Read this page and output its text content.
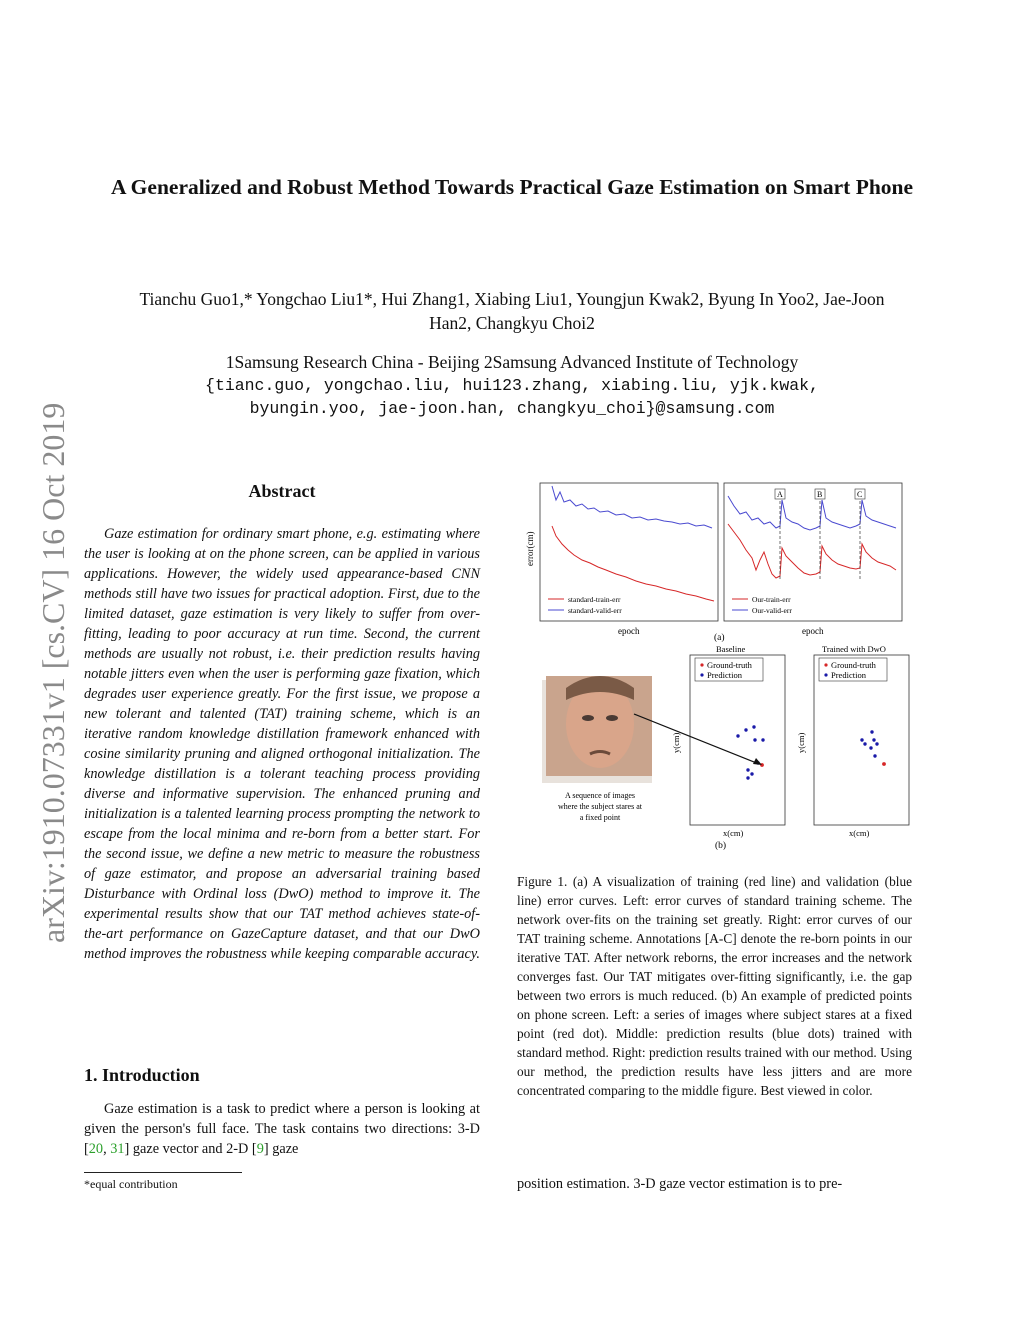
arXiv:1910.07331v1 [cs.CV] 16 Oct 2019
A Generalized and Robust Method Towards Practical Gaze Estimation on Smart Phone
Tianchu Guo1,* Yongchao Liu1*, Hui Zhang1, Xiabing Liu1, Youngjun Kwak2, Byung In Yoo2, Jae-Joon
Han2, Changkyu Choi2
1Samsung Research China - Beijing 2Samsung Advanced Institute of Technology
{tianc.guo, yongchao.liu, hui123.zhang, xiabing.liu, yjk.kwak,
byungin.yoo, jae-joon.han, changkyu_choi}@samsung.com
Abstract
Gaze estimation for ordinary smart phone, e.g. estimating where the user is looking at on the phone screen, can be applied in various applications. However, the widely used appearance-based CNN methods still have two issues for practical adoption. First, due to the limited dataset, gaze estimation is very likely to suffer from over-fitting, leading to poor accuracy at run time. Second, the current methods are usually not robust, i.e. their prediction results having notable jitters even when the user is performing gaze fixation, which degrades user experience greatly. For the first issue, we propose a new tolerant and talented (TAT) training scheme, which is an iterative random knowledge distillation framework enhanced with cosine similarity pruning and aligned orthogonal initialization. The knowledge distillation is a tolerant teaching process providing diverse and informative supervision. The enhanced pruning and initialization is a talented learning process prompting the network to escape from the local minima and re-born from a better start. For the second issue, we define a new metric to measure the robustness of gaze estimator, and propose an adversarial training based Disturbance with Ordinal loss (DwO) method to improve it. The experimental results show that our TAT method achieves state-of-the-art performance on GazeCapture dataset, and that our DwO method improves the robustness while keeping comparable accuracy.
1. Introduction
Gaze estimation is a task to predict where a person is looking at given the person's full face. The task contains two directions: 3-D [20, 31] gaze vector and 2-D [9] gaze
*equal contribution
standard-train-err
standard-valid-err
error(cm)
epoch
A	B	C
Our-train-err
Our-valid-err
epoch
(a)
A sequence of images
where the subject stares at
a fixed point
Baseline
Ground-truth
Prediction
y(cm)
x(cm)
(b)
Trained with DwO
Ground-truth
Prediction
y(cm)
x(cm)
Figure 1. (a) A visualization of training (red line) and validation (blue line) error curves. Left: error curves of standard training scheme. The network over-fits on the training set greatly. Right: error curves of our TAT training scheme. Annotations [A-C] denote the re-born points in our iterative TAT. After network reborns, the error increases and the network converges fast. Our TAT mitigates over-fitting significantly, i.e. the gap between two errors is much reduced. (b) An example of predicted points on phone screen. Left: a series of images where subject stares at a fixed point (red dot). Middle: prediction results (blue dots) trained with standard method. Right: prediction results trained with our method. Using our method, the prediction results have less jitters and are more concentrated comparing to the middle figure. Best viewed in color.
position estimation. 3-D gaze vector estimation is to pre-
